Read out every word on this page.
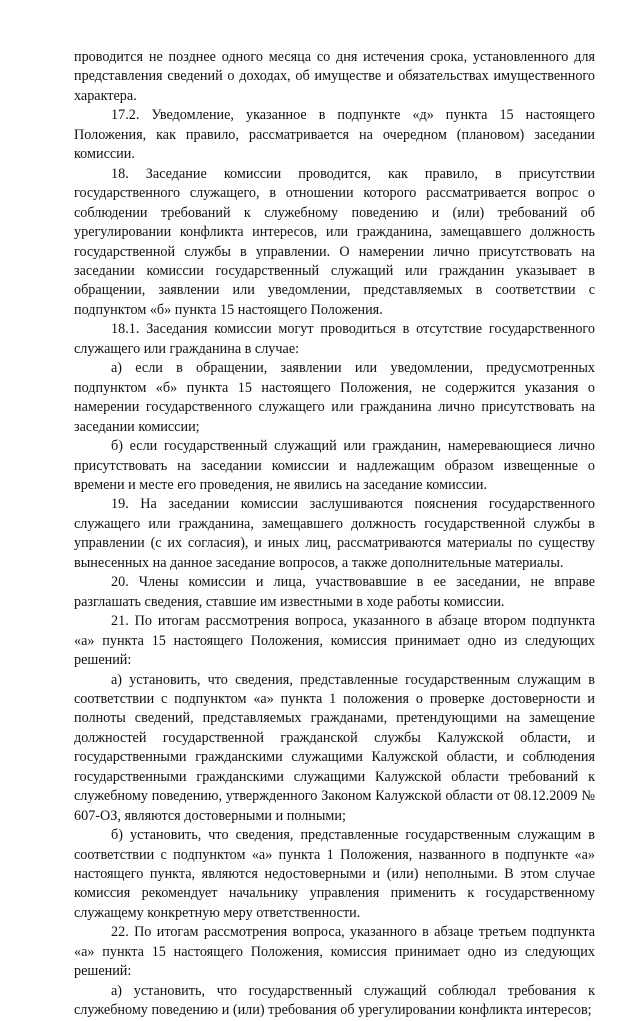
проводится не позднее одного месяца со дня истечения срока, установленного для представления сведений о доходах, об имуществе и обязательствах имущественного характера.

17.2. Уведомление, указанное в подпункте «д» пункта 15 настоящего Положения, как правило, рассматривается на очередном (плановом) заседании комиссии.

18. Заседание комиссии проводится, как правило, в присутствии государственного служащего, в отношении которого рассматривается вопрос о соблюдении требований к служебному поведению и (или) требований об урегулировании конфликта интересов, или гражданина, замещавшего должность государственной службы в управлении. О намерении лично присутствовать на заседании комиссии государственный служащий или гражданин указывает в обращении, заявлении или уведомлении, представляемых в соответствии с подпунктом «б» пункта 15 настоящего Положения.

18.1. Заседания комиссии могут проводиться в отсутствие государственного служащего или гражданина в случае:

а) если в обращении, заявлении или уведомлении, предусмотренных подпунктом «б» пункта 15 настоящего Положения, не содержится указания о намерении государственного служащего или гражданина лично присутствовать на заседании комиссии;

б) если государственный служащий или гражданин, намеревающиеся лично присутствовать на заседании комиссии и надлежащим образом извещенные о времени и месте его проведения, не явились на заседание комиссии.

19. На заседании комиссии заслушиваются пояснения государственного служащего или гражданина, замещавшего должность государственной службы в управлении (с их согласия), и иных лиц, рассматриваются материалы по существу вынесенных на данное заседание вопросов, а также дополнительные материалы.

20. Члены комиссии и лица, участвовавшие в ее заседании, не вправе разглашать сведения, ставшие им известными в ходе работы комиссии.

21. По итогам рассмотрения вопроса, указанного в абзаце втором подпункта «а» пункта 15 настоящего Положения, комиссия принимает одно из следующих решений:

а) установить, что сведения, представленные государственным служащим в соответствии с подпунктом «а» пункта 1 положения о проверке достоверности и полноты сведений, представляемых гражданами, претендующими на замещение должностей государственной гражданской службы Калужской области, и государственными гражданскими служащими Калужской области, и соблюдения государственными гражданскими служащими Калужской области требований к служебному поведению, утвержденного Законом Калужской области от 08.12.2009 № 607-ОЗ, являются достоверными и полными;

б) установить, что сведения, представленные государственным служащим в соответствии с подпунктом «а» пункта 1 Положения, названного в подпункте «а» настоящего пункта, являются недостоверными и (или) неполными. В этом случае комиссия рекомендует начальнику управления применить к государственному служащему конкретную меру ответственности.

22. По итогам рассмотрения вопроса, указанного в абзаце третьем подпункта «а» пункта 15 настоящего Положения, комиссия принимает одно из следующих решений:

а) установить, что государственный служащий соблюдал требования к служебному поведению и (или) требования об урегулировании конфликта интересов;
